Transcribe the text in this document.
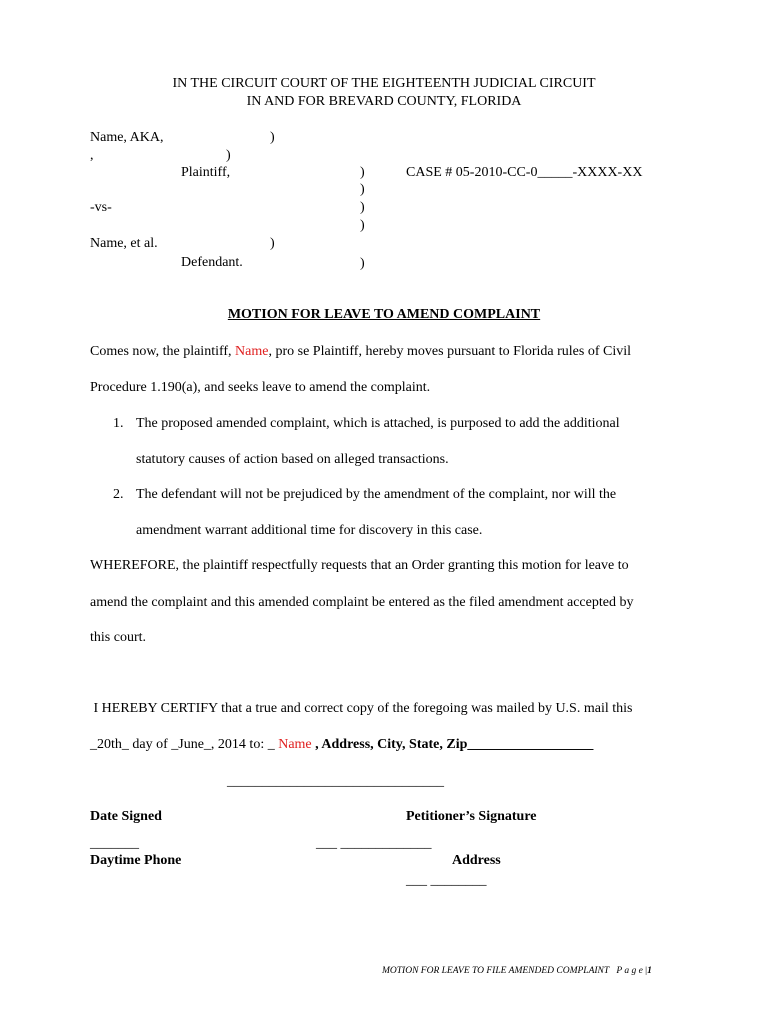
IN THE CIRCUIT COURT OF THE EIGHTEENTH JUDICIAL CIRCUIT
IN AND FOR BREVARD COUNTY, FLORIDA
Name, AKA,	)
,	)
Plaintiff,	)	CASE # 05-2010-CC-0_____-XXXX-XX
)
-vs-	)
)
Name, et al.	)
Defendant.	)
MOTION FOR LEAVE TO AMEND COMPLAINT
Comes now, the plaintiff, Name, pro se Plaintiff, hereby moves pursuant to Florida rules of Civil
Procedure 1.190(a), and seeks leave to amend the complaint.
1. The proposed amended complaint, which is attached, is purposed to add the additional
statutory causes of action based on alleged transactions.
2. The defendant will not be prejudiced by the amendment of the complaint, nor will the
amendment warrant additional time for discovery in this case.
WHEREFORE, the plaintiff respectfully requests that an Order granting this motion for leave to
amend the complaint and this amended complaint be entered as the filed amendment accepted by
this court.
I HEREBY CERTIFY that a true and correct copy of the foregoing was mailed by U.S. mail this
_20th_ day of _June_, 2014 to: _ Name , Address, City, State, Zip__________________
_______________________________
Date Signed	Petitioner’s Signature
_______	___ _____________
Daytime Phone	Address
___ ________
MOTION FOR LEAVE TO FILE AMENDED COMPLAINT P a g e |1
